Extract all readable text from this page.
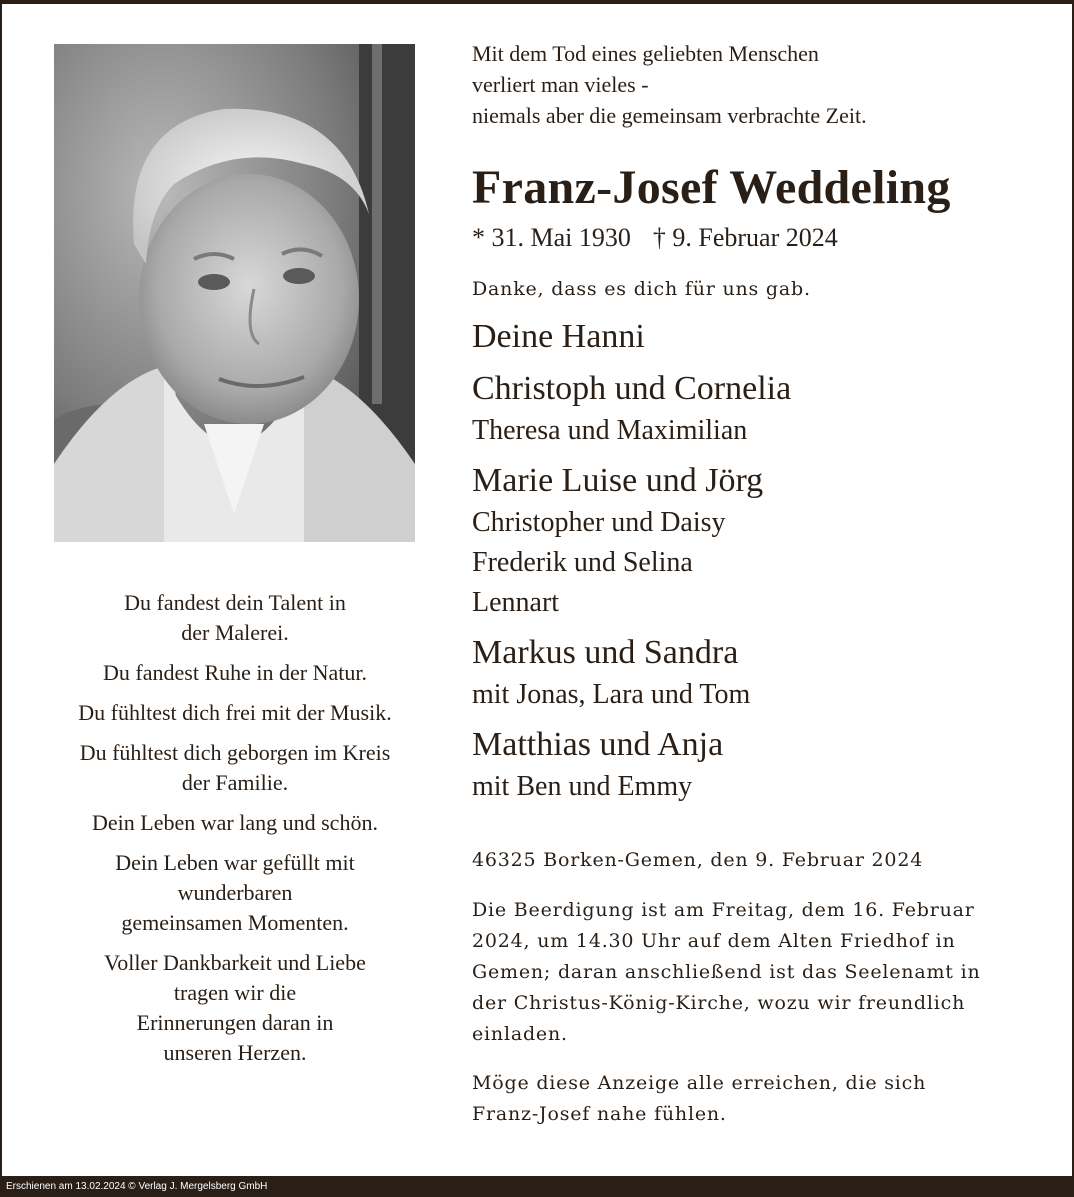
Du fandest dein Talent in
der Malerei.

Du fandest Ruhe in der Natur.

Du fühltest dich frei mit der Musik.

Du fühltest dich geborgen im Kreis
der Familie.

Dein Leben war lang und schön.

Dein Leben war gefüllt mit
wunderbaren
gemeinsamen Momenten.

Voller Dankbarkeit und Liebe
tragen wir die
Erinnerungen daran in
unseren Herzen.

Mit dem Tod eines geliebten Menschen
verliert man vieles -
niemals aber die gemeinsam verbrachte Zeit.

Franz-Josef Weddeling

* 31. Mai 1930 † 9. Februar 2024

Danke, dass es dich für uns gab.

Deine Hanni
Christoph und Cornelia
Theresa und Maximilian
Marie Luise und Jörg
Christopher und Daisy
Frederik und Selina
Lennart
Markus und Sandra
mit Jonas, Lara und Tom
Matthias und Anja
mit Ben und Emmy

46325 Borken-Gemen, den 9. Februar 2024

Die Beerdigung ist am Freitag, dem 16. Februar
2024, um 14.30 Uhr auf dem Alten Friedhof in
Gemen; daran anschließend ist das Seelenamt in
der Christus-König-Kirche, wozu wir freundlich
einladen.

Möge diese Anzeige alle erreichen, die sich
Franz-Josef nahe fühlen.

Erschienen am 13.02.2024 © Verlag J. Mergelsberg GmbH
